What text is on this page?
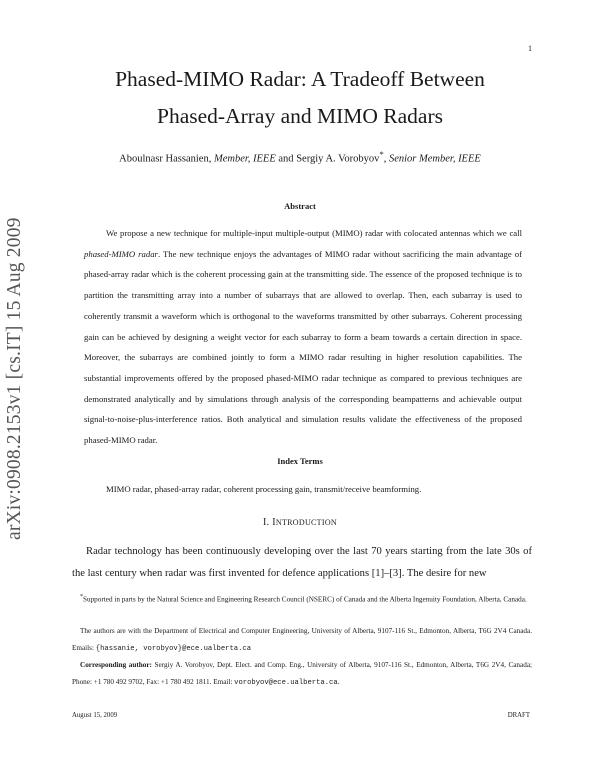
1
arXiv:0908.2153v1 [cs.IT] 15 Aug 2009
Phased-MIMO Radar: A Tradeoff Between
Phased-Array and MIMO Radars
Aboulnasr Hassanien, Member, IEEE and Sergiy A. Vorobyov*, Senior Member, IEEE
Abstract

We propose a new technique for multiple-input multiple-output (MIMO) radar with colocated antennas which we call phased-MIMO radar. The new technique enjoys the advantages of MIMO radar without sacrificing the main advantage of phased-array radar which is the coherent processing gain at the transmitting side. The essence of the proposed technique is to partition the transmitting array into a number of subarrays that are allowed to overlap. Then, each subarray is used to coherently transmit a waveform which is orthogonal to the waveforms transmitted by other subarrays. Coherent processing gain can be achieved by designing a weight vector for each subarray to form a beam towards a certain direction in space. Moreover, the subarrays are combined jointly to form a MIMO radar resulting in higher resolution capabilities. The substantial improvements offered by the proposed phased-MIMO radar technique as compared to previous techniques are demonstrated analytically and by simulations through analysis of the corresponding beampatterns and achievable output signal-to-noise-plus-interference ratios. Both analytical and simulation results validate the effectiveness of the proposed phased-MIMO radar.

Index Terms
MIMO radar, phased-array radar, coherent processing gain, transmit/receive beamforming.
I. INTRODUCTION

Radar technology has been continuously developing over the last 70 years starting from the late 30s of the last century when radar was first invented for defence applications [1]–[3]. The desire for new

*Supported in parts by the Natural Science and Engineering Research Council (NSERC) of Canada and the Alberta Ingenuity Foundation, Alberta, Canada.

The authors are with the Department of Electrical and Computer Engineering, University of Alberta, 9107-116 St., Edmonton, Alberta, T6G 2V4 Canada. Emails: {hassanie, vorobyov}@ece.ualberta.ca

Corresponding author: Sergiy A. Vorobyov, Dept. Elect. and Comp. Eng., University of Alberta, 9107-116 St., Edmonton, Alberta, T6G 2V4, Canada; Phone: +1 780 492 9702, Fax: +1 780 492 1811. Email: vorobyov@ece.ualberta.ca.

August 15, 2009	DRAFT
